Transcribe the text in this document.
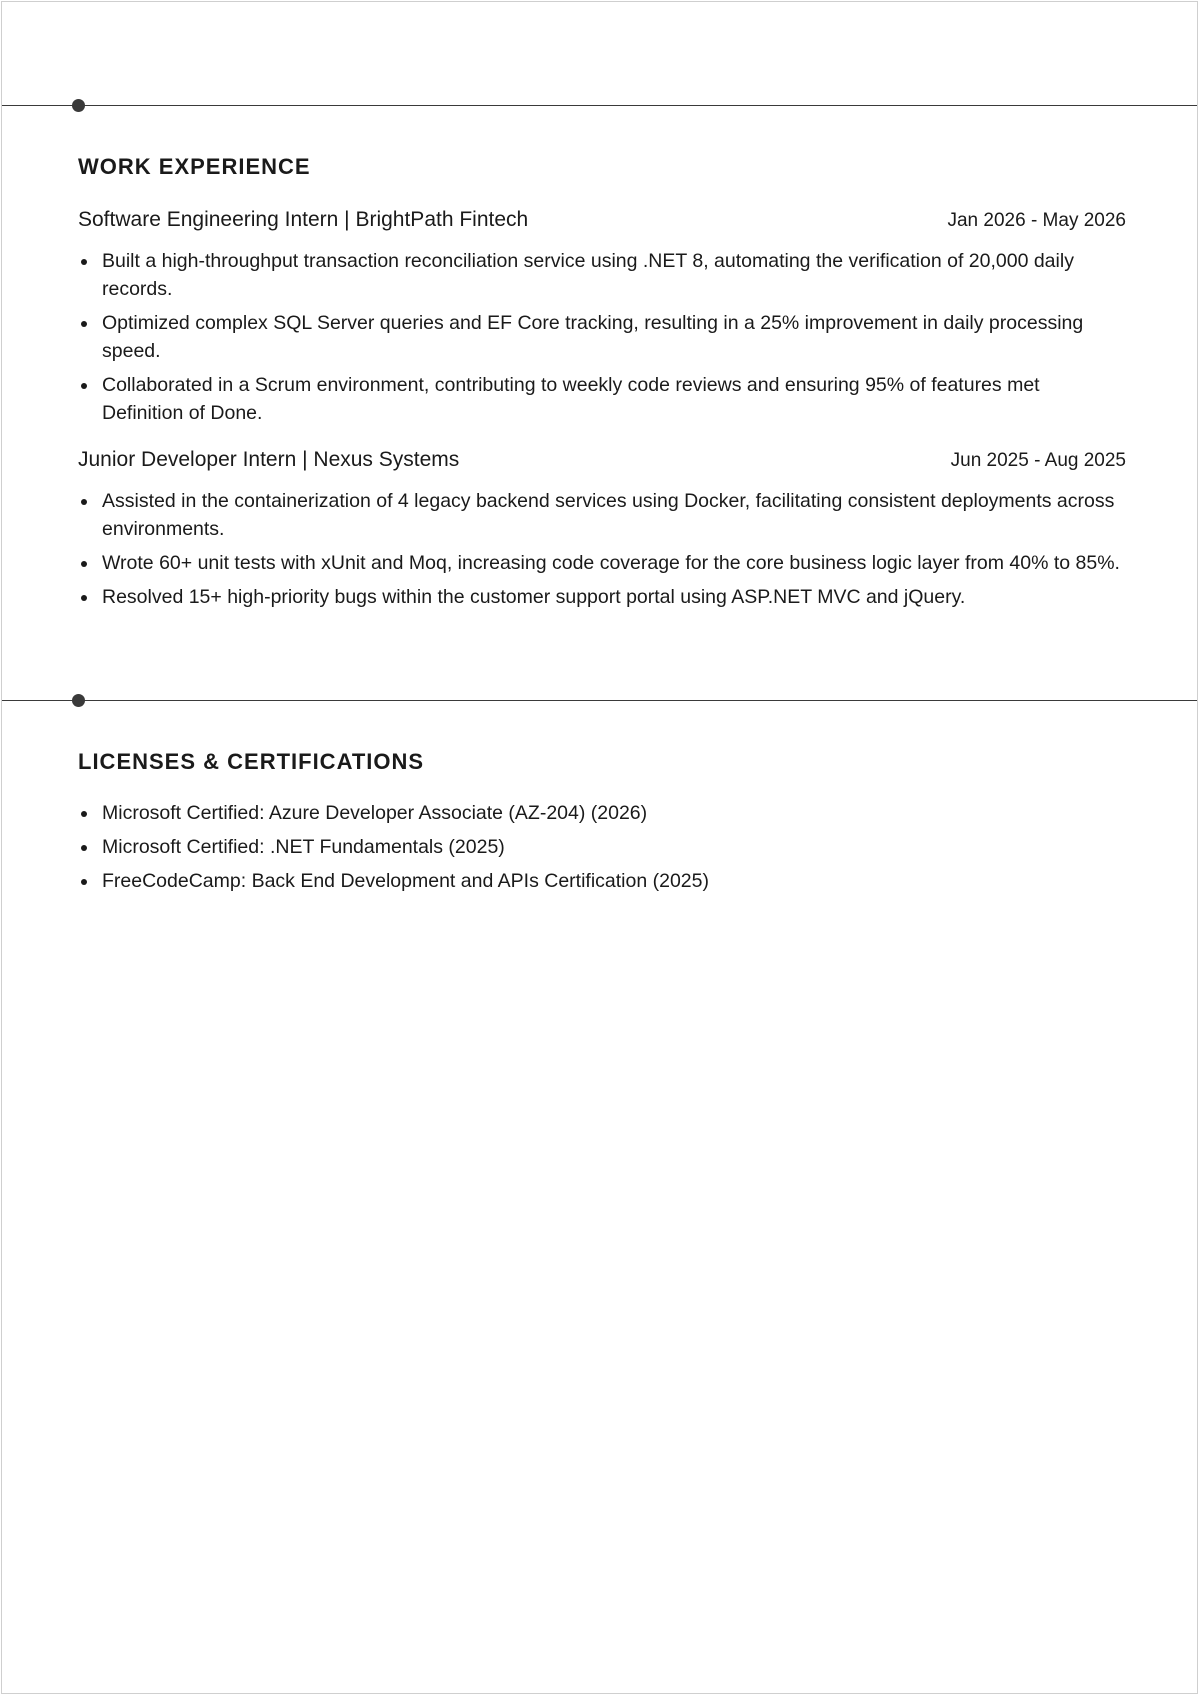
WORK EXPERIENCE
Software Engineering Intern | BrightPath Fintech	Jan 2026 - May 2026
Built a high-throughput transaction reconciliation service using .NET 8, automating the verification of 20,000 daily records.
Optimized complex SQL Server queries and EF Core tracking, resulting in a 25% improvement in daily processing speed.
Collaborated in a Scrum environment, contributing to weekly code reviews and ensuring 95% of features met Definition of Done.
Junior Developer Intern | Nexus Systems	Jun 2025 - Aug 2025
Assisted in the containerization of 4 legacy backend services using Docker, facilitating consistent deployments across environments.
Wrote 60+ unit tests with xUnit and Moq, increasing code coverage for the core business logic layer from 40% to 85%.
Resolved 15+ high-priority bugs within the customer support portal using ASP.NET MVC and jQuery.
LICENSES & CERTIFICATIONS
Microsoft Certified: Azure Developer Associate (AZ-204) (2026)
Microsoft Certified: .NET Fundamentals (2025)
FreeCodeCamp: Back End Development and APIs Certification (2025)
